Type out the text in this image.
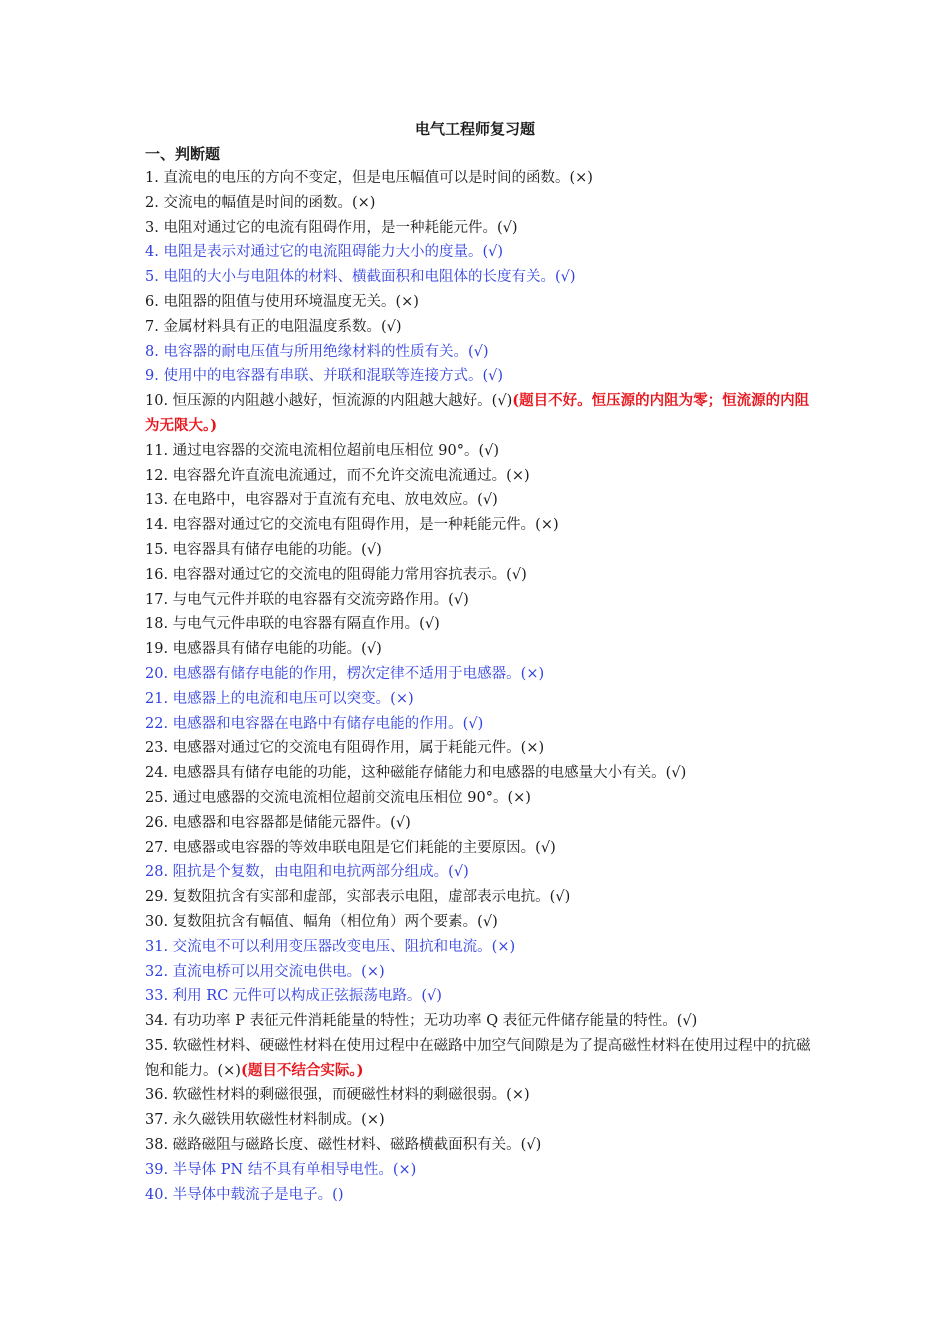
电气工程师复习题
一、判断题
1. 直流电的电压的方向不变定，但是电压幅值可以是时间的函数。(×)
2. 交流电的幅值是时间的函数。(×)
3. 电阻对通过它的电流有阻碍作用，是一种耗能元件。(√)
4. 电阻是表示对通过它的电流阻碍能力大小的度量。(√)
5. 电阻的大小与电阻体的材料、横截面积和电阻体的长度有关。(√)
6. 电阻器的阻值与使用环境温度无关。(×)
7. 金属材料具有正的电阻温度系数。(√)
8. 电容器的耐电压值与所用绝缘材料的性质有关。(√)
9. 使用中的电容器有串联、并联和混联等连接方式。(√)
10. 恒压源的内阻越小越好，恒流源的内阻越大越好。(√)(题目不好。恒压源的内阻为零；恒流源的内阻为无限大。)
11. 通过电容器的交流电流相位超前电压相位 90°。(√)
12. 电容器允许直流电流通过，而不允许交流电流通过。(×)
13. 在电路中，电容器对于直流有充电、放电效应。(√)
14. 电容器对通过它的交流电有阻碍作用，是一种耗能元件。(×)
15. 电容器具有储存电能的功能。(√)
16. 电容器对通过它的交流电的阻碍能力常用容抗表示。(√)
17. 与电气元件并联的电容器有交流旁路作用。(√)
18. 与电气元件串联的电容器有隔直作用。(√)
19. 电感器具有储存电能的功能。(√)
20. 电感器有储存电能的作用，楞次定律不适用于电感器。(×)
21. 电感器上的电流和电压可以突变。(×)
22. 电感器和电容器在电路中有储存电能的作用。(√)
23. 电感器对通过它的交流电有阻碍作用，属于耗能元件。(×)
24. 电感器具有储存电能的功能，这种磁能存储能力和电感器的电感量大小有关。(√)
25. 通过电感器的交流电流相位超前交流电压相位 90°。(×)
26. 电感器和电容器都是储能元器件。(√)
27. 电感器或电容器的等效串联电阻是它们耗能的主要原因。(√)
28. 阻抗是个复数，由电阻和电抗两部分组成。(√)
29. 复数阻抗含有实部和虚部，实部表示电阻，虚部表示电抗。(√)
30. 复数阻抗含有幅值、幅角（相位角）两个要素。(√)
31. 交流电不可以利用变压器改变电压、阻抗和电流。(×)
32. 直流电桥可以用交流电供电。(×)
33. 利用 RC 元件可以构成正弦振荡电路。(√)
34. 有功功率 P 表征元件消耗能量的特性；无功功率 Q 表征元件储存能量的特性。(√)
35. 软磁性材料、硬磁性材料在使用过程中在磁路中加空气间隙是为了提高磁性材料在使用过程中的抗磁饱和能力。(×)(题目不结合实际。)
36. 软磁性材料的剩磁很强，而硬磁性材料的剩磁很弱。(×)
37. 永久磁铁用软磁性材料制成。(×)
38. 磁路磁阻与磁路长度、磁性材料、磁路横截面积有关。(√)
39. 半导体 PN 结不具有单相导电性。(×)
40. 半导体中载流子是电子。()
